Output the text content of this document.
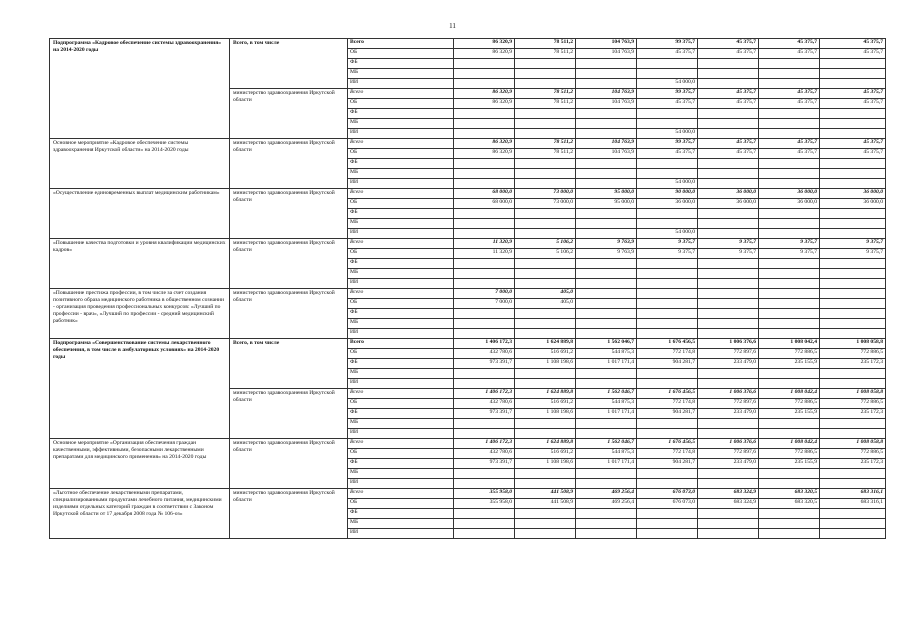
11
Подпрограмма «Кадровое обеспечение системы здравоохранения» на 2014-2020 годы	Всего, в том числе	Всего	86 320,9	78 511,2	104 763,9	99 375,7	45 375,7	45 375,7	45 375,7
		ОБ	86 320,9	78 511,2	104 763,9	45 375,7	45 375,7	45 375,7	45 375,7
		ФБ							
		МБ							
		ИИ				54 000,0			
	министерство здравоохранения Иркутской области	Всего	86 320,9	78 511,2	104 763,9	99 375,7	45 375,7	45 375,7	45 375,7
		ОБ	86 320,9	78 511,2	104 763,9	45 375,7	45 375,7	45 375,7	45 375,7
		ФБ							
		МБ							
		ИИ				54 000,0			
Основное мероприятие «Кадровое обеспечение системы здравоохранения Иркутской области» на 2014-2020 годы	министерство здравоохранения Иркутской области	Всего	86 320,9	78 511,2	104 763,9	99 375,7	45 375,7	45 375,7	45 375,7
		ОБ	86 320,9	78 511,2	104 763,9	45 375,7	45 375,7	45 375,7	45 375,7
		ФБ							
		МБ							
		ИИ				54 000,0			
«Осуществление единовременных выплат медицинским работникам»	министерство здравоохранения Иркутской области	Всего	68 000,0	73 000,0	95 000,0	90 000,0	36 000,0	36 000,0	36 000,0
		ОБ	68 000,0	73 000,0	95 000,0	36 000,0	36 000,0	36 000,0	36 000,0
		ФБ							
		МБ							
		ИИ				54 000,0			
«Повышение качества подготовки и уровня квалификации медицинских кадров»	министерство здравоохранения Иркутской области	Всего	11 320,9	5 106,2	9 763,9	9 375,7	9 375,7	9 375,7	9 375,7
		ОБ	11 320,9	5 106,2	9 763,9	9 375,7	9 375,7	9 375,7	9 375,7
		ФБ							
		МБ							
		ИИ							
«Повышение престижа профессии, в том числе за счет создания позитивного образа медицинского работника в общественном сознании - организация проведения профессиональных конкурсов: «Лучший по профессии - врач», «Лучший по профессии - средний медицинский работник»	министерство здравоохранения Иркутской области	Всего	7 000,0	405,0					
		ОБ	7 000,0	405,0					
		ФБ							
		МБ							
		ИИ							
Подпрограмма «Совершенствование системы лекарственного обеспечения, в том числе в амбулаторных условиях» на 2014-2020 годы	Всего, в том числе	Всего	1 406 172,3	1 624 889,8	1 562 046,7	1 676 456,5	1 006 376,6	1 008 042,4	1 008 058,8
		ОБ	432 780,6	516 691,2	544 875,3	772 174,8	772 897,6	772 886,5	772 886,5
		ФБ	973 391,7	1 108 198,6	1 017 171,4	904 281,7	233 479,0	235 155,9	235 172,3
		МБ							
		ИИ							
	министерство здравоохранения Иркутской области	Всего	1 406 172,3	1 624 889,8	1 562 046,7	1 676 456,5	1 006 376,6	1 008 042,4	1 008 058,8
		ОБ	432 780,6	516 691,2	544 875,3	772 174,8	772 897,6	772 886,5	772 886,5
		ФБ	973 391,7	1 108 198,6	1 017 171,4	904 281,7	233 479,0	235 155,9	235 172,3
		МБ							
		ИИ							
Основное мероприятие «Организация обеспечения граждан качественными, эффективными, безопасными лекарственными препаратами для медицинского применения» на 2014-2020 годы	министерство здравоохранения Иркутской области	Всего	1 406 172,3	1 624 889,8	1 562 046,7	1 676 456,5	1 006 376,6	1 008 042,4	1 008 058,8
		ОБ	432 780,6	516 691,2	544 875,3	772 174,8	772 897,6	772 886,5	772 886,5
		ФБ	973 391,7	1 108 198,6	1 017 171,4	904 281,7	233 479,0	235 155,9	235 172,3
		МБ							
		ИИ							
«Льготное обеспечение лекарственными препаратами, специализированными продуктами лечебного питания, медицинскими изделиями отдельных категорий граждан в соответствии с Законом Иркутской области от 17 декабря 2008 года № 106-оз»	министерство здравоохранения Иркутской области	Всего	355 958,0	441 508,9	469 256,4	676 073,0	683 324,9	683 320,5	683 316,1
		ОБ	355 958,0	441 508,9	469 256,4	676 073,0	683 324,9	683 320,5	683 316,1
		ФБ							
		МБ							
		ИИ							
